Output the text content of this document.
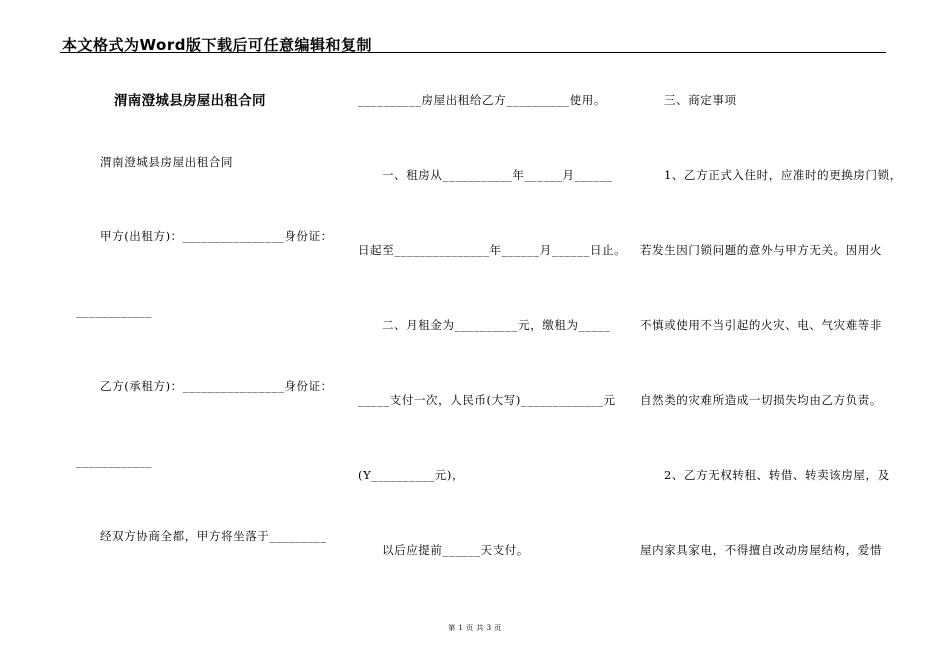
本文格式为Word版下载后可任意编辑和复制
渭南澄城县房屋出租合同
渭南澄城县房屋出租合同
甲方(出租方)：________________身份证：
____________
乙方(承租方)：________________身份证：
____________
经双方协商全都，甲方将坐落于_________
__________房屋出租给乙方__________使用。
一、租房从___________年______月______
日起至_______________年______月______日止。
二、月租金为__________元，缴租为_____
_____支付一次，人民币(大写)_____________元
(Y__________元)，
以后应提前______天支付。
三、商定事项
1、乙方正式入住时，应准时的更换房门锁，
若发生因门锁问题的意外与甲方无关。因用火
不慎或使用不当引起的火灾、电、气灾难等非
自然类的灾难所造成一切损失均由乙方负责。
2、乙方无权转租、转借、转卖该房屋，及
屋内家具家电，不得擅自改动房屋结构，爱惜
第 1 页 共 3 页
